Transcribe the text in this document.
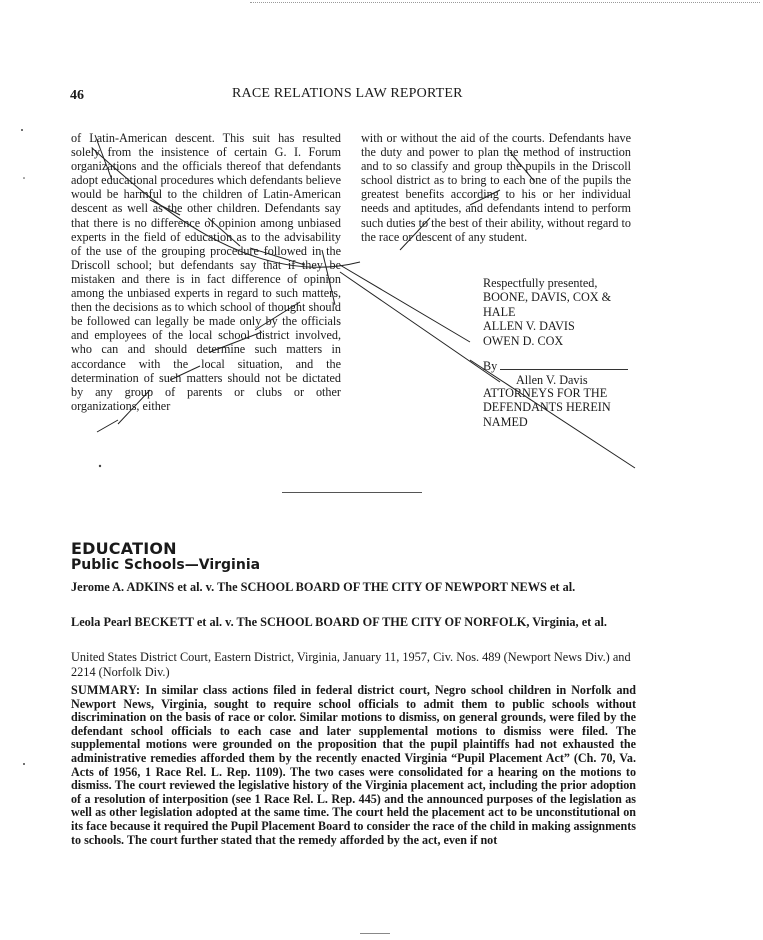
46	RACE RELATIONS LAW REPORTER

of Latin-American descent. This suit has resulted solely from the insistence of certain G. I. Forum organizations and the officials thereof that defendants adopt educational procedures which defendants believe would be harmful to the children of Latin-American descent as well as the other children. Defendants say that there is no difference of opinion among unbiased experts in the field of education as to the advisability of the use of the grouping procedure followed in the Driscoll school; but defendants say that if they be mistaken and there is in fact difference of opinion among the unbiased experts in regard to such matters, then the decisions as to which school of thought should be followed can legally be made only by the officials and employees of the local school district involved, who can and should determine such matters in accordance with the local situation, and the determination of such matters should not be dictated by any group of parents or clubs or other organizations, either

with or without the aid of the courts. Defendants have the duty and power to plan the method of instruction and to so classify and group the pupils in the Driscoll school district as to bring to each one of the pupils the greatest benefits according to his or her individual needs and aptitudes, and defendants intend to perform such duties to the best of their ability, without regard to the race or descent of any student.

Respectfully presented,
BOONE, DAVIS, COX &
HALE
ALLEN V. DAVIS
OWEN D. COX
By
Allen V. Davis
ATTORNEYS FOR THE
DEFENDANTS HEREIN
NAMED
EDUCATION
Public Schools—Virginia
Jerome A. ADKINS et al. v. The SCHOOL BOARD OF THE CITY OF NEWPORT NEWS et al.
Leola Pearl BECKETT et al. v. The SCHOOL BOARD OF THE CITY OF NORFOLK, Virginia, et al.
United States District Court, Eastern District, Virginia, January 11, 1957, Civ. Nos. 489 (Newport News Div.) and 2214 (Norfolk Div.)
SUMMARY: In similar class actions filed in federal district court, Negro school children in Norfolk and Newport News, Virginia, sought to require school officials to admit them to public schools without discrimination on the basis of race or color. Similar motions to dismiss, on general grounds, were filed by the defendant school officials to each case and later supplemental motions to dismiss were filed. The supplemental motions were grounded on the proposition that the pupil plaintiffs had not exhausted the administrative remedies afforded them by the recently enacted Virginia “Pupil Placement Act” (Ch. 70, Va. Acts of 1956, 1 Race Rel. L. Rep. 1109). The two cases were consolidated for a hearing on the motions to dismiss. The court reviewed the legislative history of the Virginia placement act, including the prior adoption of a resolution of interposition (see 1 Race Rel. L. Rep. 445) and the announced purposes of the legislation as well as other legislation adopted at the same time. The court held the placement act to be unconstitutional on its face because it required the Pupil Placement Board to consider the race of the child in making assignments to schools. The court further stated that the remedy afforded by the act, even if not
